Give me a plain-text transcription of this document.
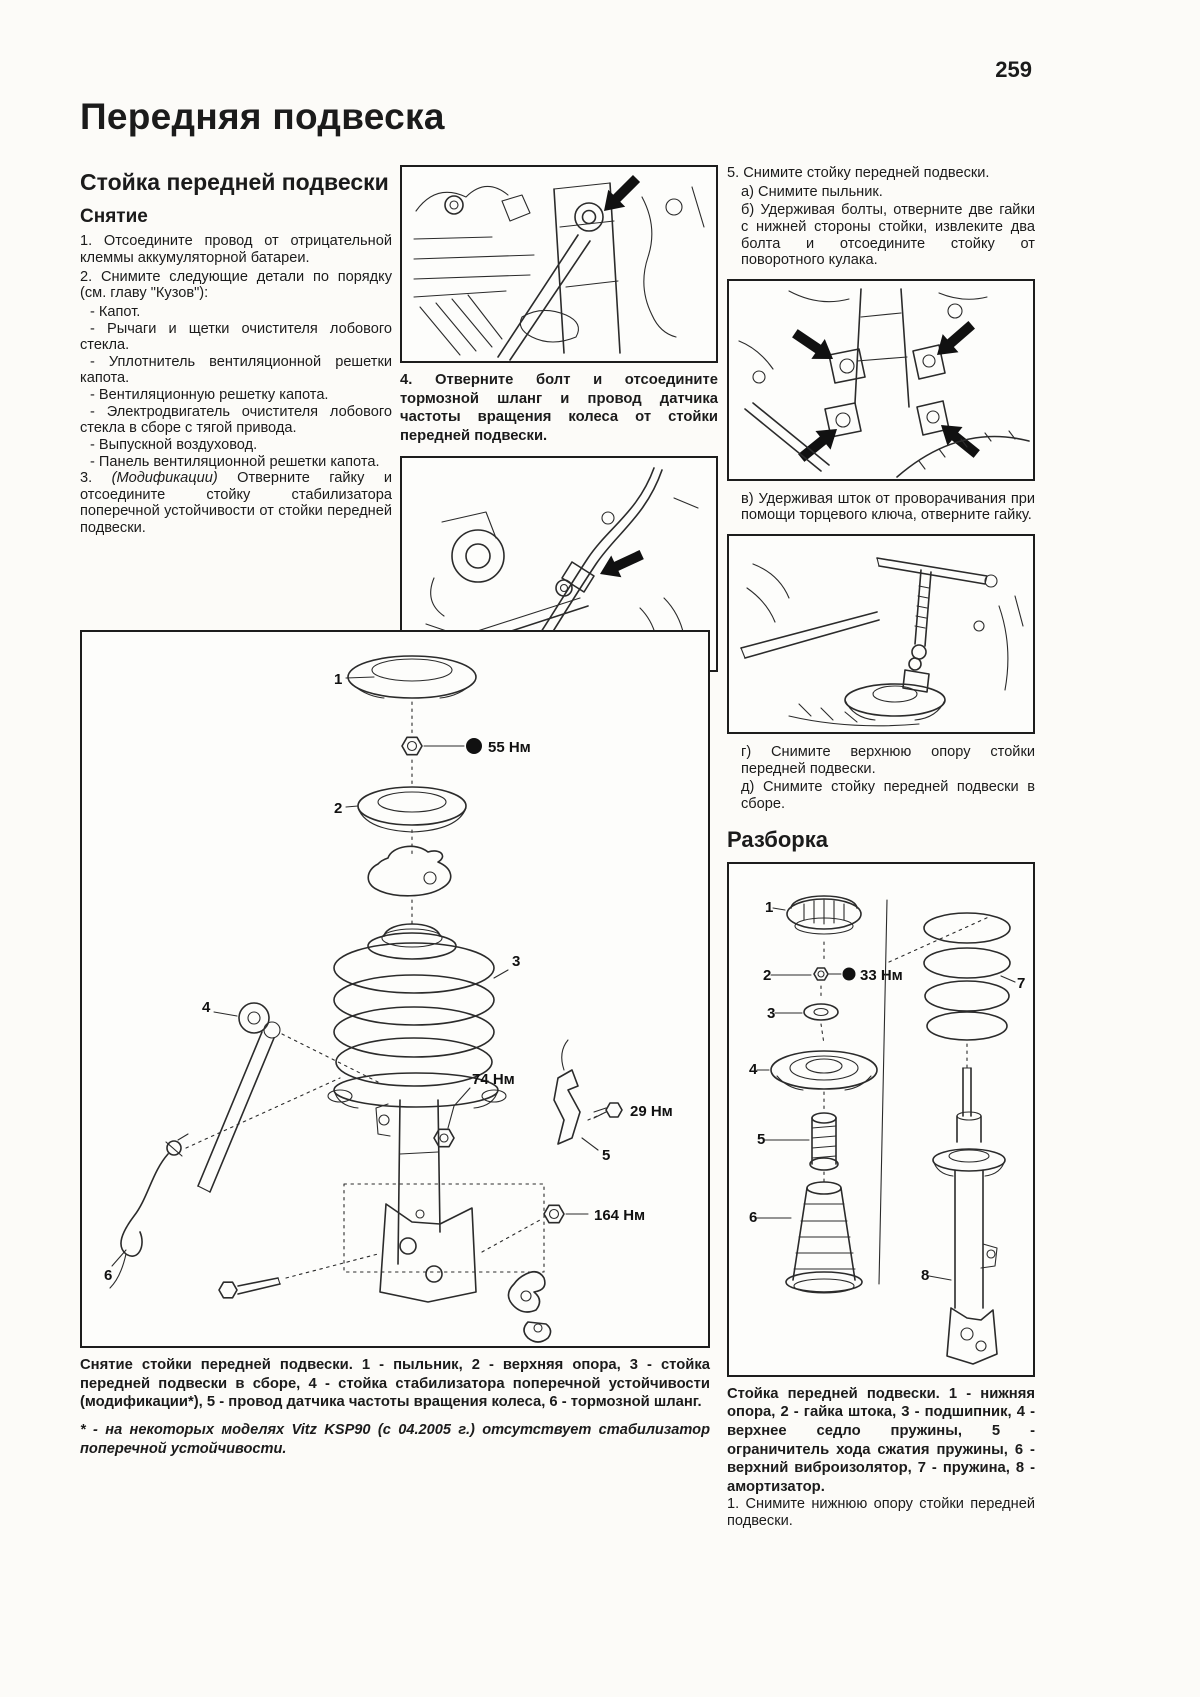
259
Передняя подвеска
Стойка передней подвески
Снятие

1. Отсоедините провод от отрицательной клеммы аккумуляторной батареи.

2. Снимите следующие детали по порядку (см. главу "Кузов"):

- Капот.

- Рычаги и щетки очистителя лобового стекла.

- Уплотнитель вентиляционной решетки капота.

- Вентиляционную решетку капота.

- Электродвигатель очистителя лобового стекла в сборе с тягой привода.

- Выпускной воздуховод.

- Панель вентиляционной решетки капота.

3. (Модификации) Отверните гайку и отсоедините стойку стабилизатора поперечной устойчивости от стойки передней подвески.

4. Отверните болт и отсоедините тормозной шланг и провод датчика частоты вращения колеса от стойки передней подвески.

5. Снимите стойку передней подвески.

а) Снимите пыльник.

б) Удерживая болты, отверните две гайки с нижней стороны стойки, извлеките два болта и отсоедините стойку от поворотного кулака.

в) Удерживая шток от проворачивания при помощи торцевого ключа, отверните гайку.

г) Снимите верхнюю опору стойки передней подвески.

д) Снимите стойку передней подвески в сборе.

Разборка
1
33 Нм
2
3
4
5
6
7
8

Стойка передней подвески. 1 - нижняя опора, 2 - гайка штока, 3 - подшипник, 4 - верхнее седло пружины, 5 - ограничитель хода сжатия пружины, 6 - верхний виброизолятор, 7 - пружина, 8 - амортизатор.

1. Снимите нижнюю опору стойки передней подвески.

1
55 Нм
2
3
4
74 Нм
29 Нм
5
164 Нм
6

Снятие стойки передней подвески. 1 - пыльник, 2 - верхняя опора, 3 - стойка передней подвески в сборе, 4 - стойка стабилизатора поперечной устойчивости (модификации*), 5 - провод датчика частоты вращения колеса, 6 - тормозной шланг.

* - на некоторых моделях Vitz KSP90 (с 04.2005 г.) отсутствует стабилизатор поперечной устойчивости.
